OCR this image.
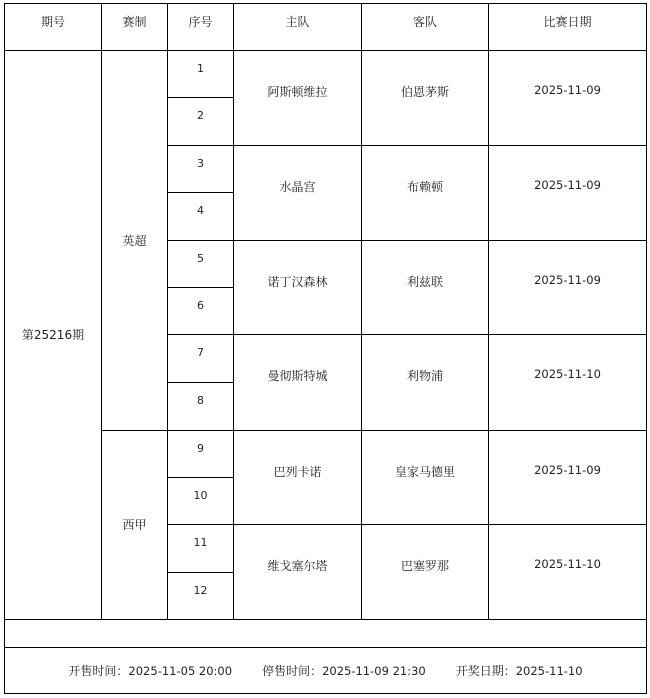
期号	赛制	序号	主队	客队	比赛日期
第25216期	英超	1	阿斯顿维拉	伯恩茅斯	2025-11-09
		2			
		3	水晶宫	布赖顿	2025-11-09
		4			
		5	诺丁汉森林	利兹联	2025-11-09
		6			
		7	曼彻斯特城	利物浦	2025-11-10
		8			
	西甲	9	巴列卡诺	皇家马德里	2025-11-09
		10			
		11	维戈塞尔塔	巴塞罗那	2025-11-10
		12			

开售时间：2025-11-05 20:00 停售时间：2025-11-09 21:30 开奖日期：2025-11-10					
